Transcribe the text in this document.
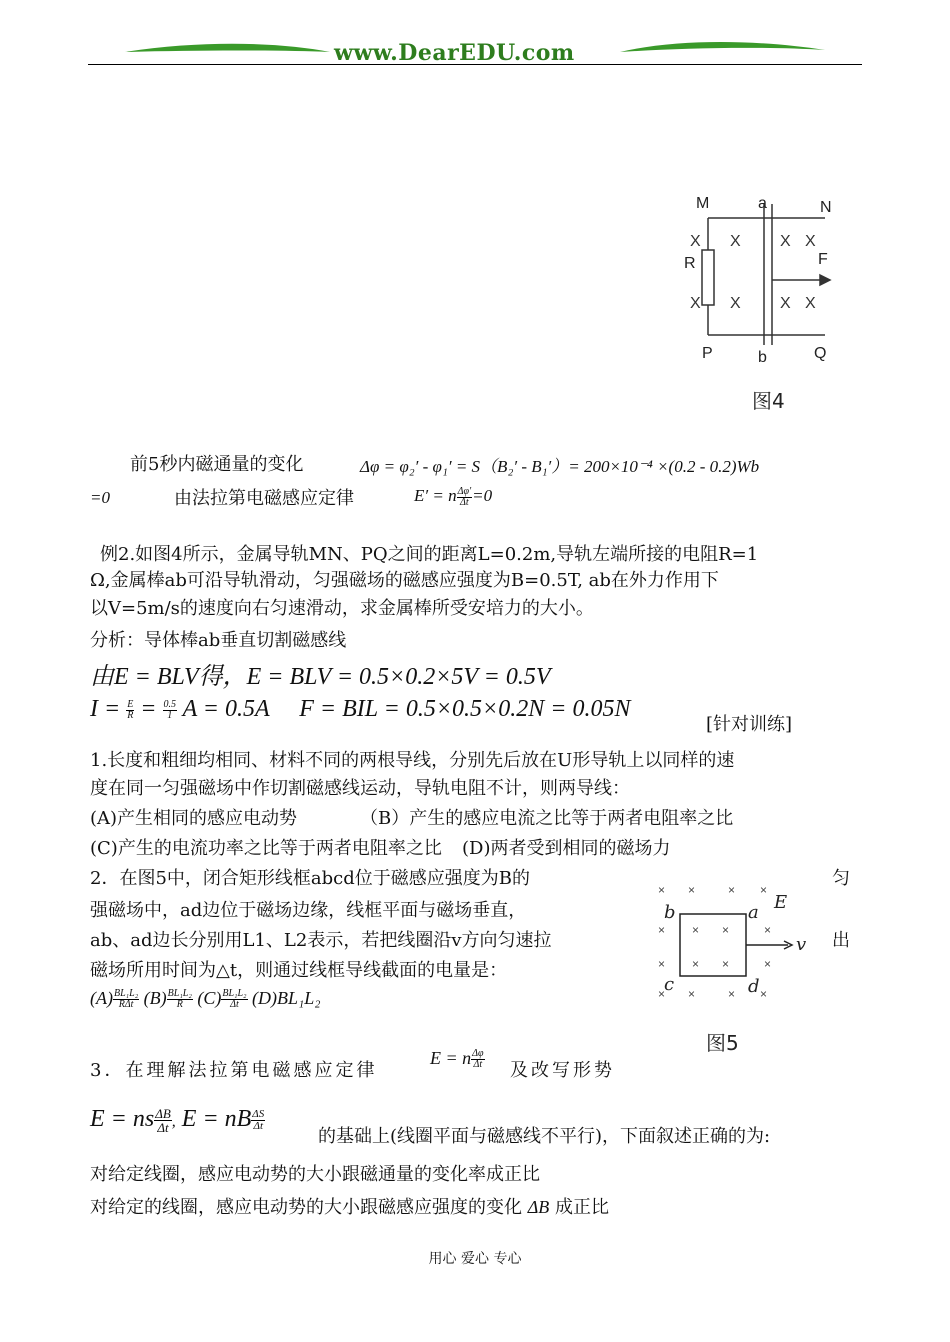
www.DearEDU.com
X X X X
X X X X
M	a	N
R	F
P	b	Q
图4
前5秒内磁通量的变化	Δφ = φ₂′ - φ₁′ = S（B₂′ - B₁′）= 200×10⁻⁴ ×(0.2 - 0.2)Wb
=0	由法拉第电磁感应定律	E′ = n $\frac{\Delta\varphi'}{\Delta t} =0$
例2.如图4所示，金属导轨MN、PQ之间的距离L=0.2m,导轨左端所接的电阻R=1
Ω,金属棒ab可沿导轨滑动，匀强磁场的磁感应强度为B=0.5T, ab在外力作用下
以V=5m/s的速度向右匀速滑动，求金属棒所受安培力的大小。
分析：导体棒ab垂直切割磁感线
由E = BLV得，E = BLV = 0.5×0.2×5V = 0.5V
$I = \frac{E}{R} = \frac{0.5}{1}$ A = 0.5A F = BIL = 0.5×0.5×0.2N = 0.05N
[针对训练]
1.长度和粗细均相同、材料不同的两根导线，分别先后放在U形导轨上以同样的速
度在同一匀强磁场中作切割磁感线运动，导轨电阻不计，则两导线：
(A)产生相同的感应电动势	（B）产生的感应电流之比等于两者电阻率之比
(C)产生的电流功率之比等于两者电阻率之比 (D)两者受到相同的磁场力
2．在图5中，闭合矩形线框abcd位于磁感应强度为B的	匀
强磁场中，ad边位于磁场边缘，线框平面与磁场垂直，
ab、ad边长分别用L1、L2表示，若把线圈沿v方向匀速拉	出
磁场所用时间为△t，则通过线框导线截面的电量是：
$(A) \frac{\text{BL₁L₂}}{\text{RΔt}} (B) \frac{\text{BL₁L₂}}{R} (C) \frac{\text{BL₁L₂}}{\Delta t} (D)BL_1L_2$
× ×	× ×
× × ×	×
× × ×	×
× ×	× ×
b	a E
v
c	d
图5
3．在理解法拉第电磁感应定律
E = n $\frac{\Delta\varphi}{\Delta t}$
及改写形势
E = ns $\frac{\Delta B}{\Delta t}$ , E = nB $\frac{\Delta S}{\Delta t}$
的基础上(线圈平面与磁感线不平行)，下面叙述正确的为:
对给定线圈，感应电动势的大小跟磁通量的变化率成正比
对给定的线圈，感应电动势的大小跟磁感应强度的变化 ΔB 成正比
用心 爱心 专心
